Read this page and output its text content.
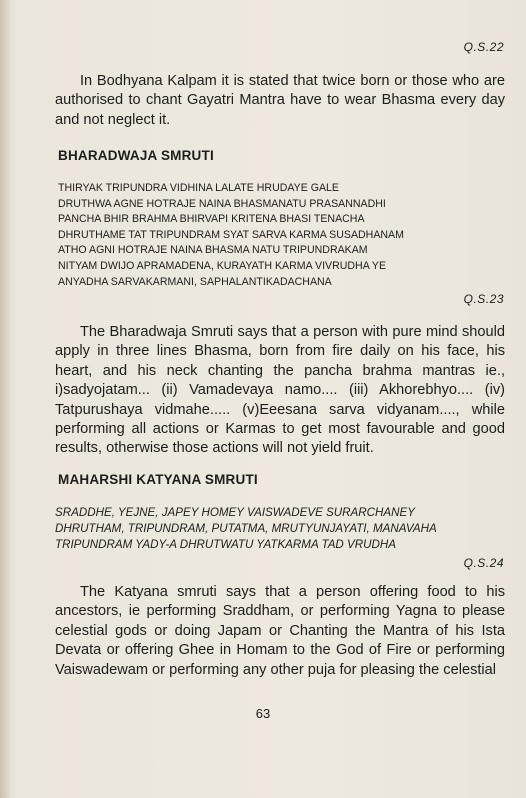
Q.S.22

In Bodhyana Kalpam it is stated that twice born or those who are authorised to chant Gayatri Mantra have to wear Bhasma every day and not neglect it.

BHARADWAJA SMRUTI
THIRYAK TRIPUNDRA VIDHINA LALATE HRUDAYE GALE
DRUTHWA AGNE HOTRAJE NAINA BHASMANATU PRASANNADHI
PANCHA BHIR BRAHMA BHIRVAPI KRITENA BHASI TENACHA
DHRUTHAME TAT TRIPUNDRAM SYAT SARVA KARMA SUSADHANAM
ATHO AGNI HOTRAJE NAINA BHASMA NATU TRIPUNDRAKAM
NITYAM DWIJO APRAMADENA, KURAYATH KARMA VIVRUDHA YE
ANYADHA SARVAKARMANI, SAPHALANTIKADACHANA
Q.S.23

The Bharadwaja Smruti says that a person with pure mind should apply in three lines Bhasma, born from fire daily on his face, his heart, and his neck chanting the pancha brahma mantras ie., i)sadyojatam... (ii) Vamadevaya namo.... (iii) Akhorebhyo.... (iv) Tatpurushaya vidmahe..... (v)Eeesana sarva vidyanam...., while performing all actions or Karmas to get most favourable and good results, otherwise those actions will not yield fruit.

MAHARSHI KATYANA SMRUTI
SRADDHE, YEJNE, JAPEY HOMEY VAISWADEVE SURARCHANEY
DHRUTHAM, TRIPUNDRAM, PUTATMA, MRUTYUNJAYATI, MANAVAHA
TRIPUNDRAM YADY-A DHRUTWATU YATKARMA TAD VRUDHA
Q.S.24

The Katyana smruti says that a person offering food to his ancestors, ie performing Sraddham, or performing Yagna to please celestial gods or doing Japam or Chanting the Mantra of his Ista Devata or offering Ghee in Homam to the God of Fire or performing Vaiswadewam or performing any other puja for pleasing the celestial

63
